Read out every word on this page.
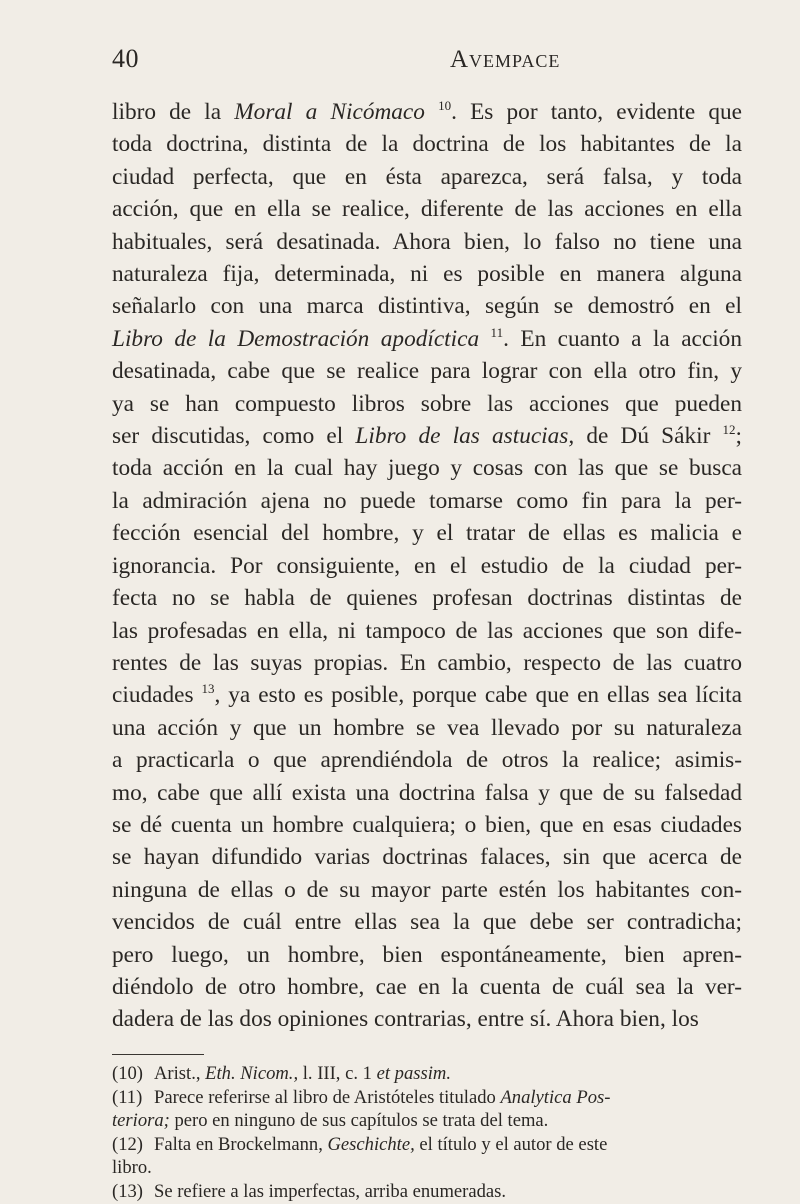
40	Avempace
libro de la Moral a Nicómaco $^{10}$. Es por tanto, evidente que
toda doctrina, distinta de la doctrina de los habitantes de la
ciudad perfecta, que en ésta aparezca, será falsa, y toda
acción, que en ella se realice, diferente de las acciones en ella
habituales, será desatinada. Ahora bien, lo falso no tiene una
naturaleza fija, determinada, ni es posible en manera alguna
señalarlo con una marca distintiva, según se demostró en el
Libro de la Demostración apodíctica $^{11}$. En cuanto a la acción
desatinada, cabe que se realice para lograr con ella otro fin, y
ya se han compuesto libros sobre las acciones que pueden
ser discutidas, como el Libro de las astucias, de Dú Sákir $^{12}$;
toda acción en la cual hay juego y cosas con las que se busca
la admiración ajena no puede tomarse como fin para la per-
fección esencial del hombre, y el tratar de ellas es malicia e
ignorancia. Por consiguiente, en el estudio de la ciudad per-
fecta no se habla de quienes profesan doctrinas distintas de
las profesadas en ella, ni tampoco de las acciones que son dife-
rentes de las suyas propias. En cambio, respecto de las cuatro
ciudades $^{13}$, ya esto es posible, porque cabe que en ellas sea lícita
una acción y que un hombre se vea llevado por su naturaleza
a practicarla o que aprendiéndola de otros la realice; asimis-
mo, cabe que allí exista una doctrina falsa y que de su falsedad
se dé cuenta un hombre cualquiera; o bien, que en esas ciudades
se hayan difundido varias doctrinas falaces, sin que acerca de
ninguna de ellas o de su mayor parte estén los habitantes con-
vencidos de cuál entre ellas sea la que debe ser contradicha;
pero luego, un hombre, bien espontáneamente, bien apren-
diéndolo de otro hombre, cae en la cuenta de cuál sea la ver-
dadera de las dos opiniones contrarias, entre sí. Ahora bien, los
(10) Arist., Eth. Nicom., l. III, c. 1 et passim.
(11) Parece referirse al libro de Aristóteles titulado Analytica Pos-
teriora; pero en ninguno de sus capítulos se trata del tema.
(12) Falta en Brockelmann, Geschichte, el título y el autor de este
libro.
(13) Se refiere a las imperfectas, arriba enumeradas.
